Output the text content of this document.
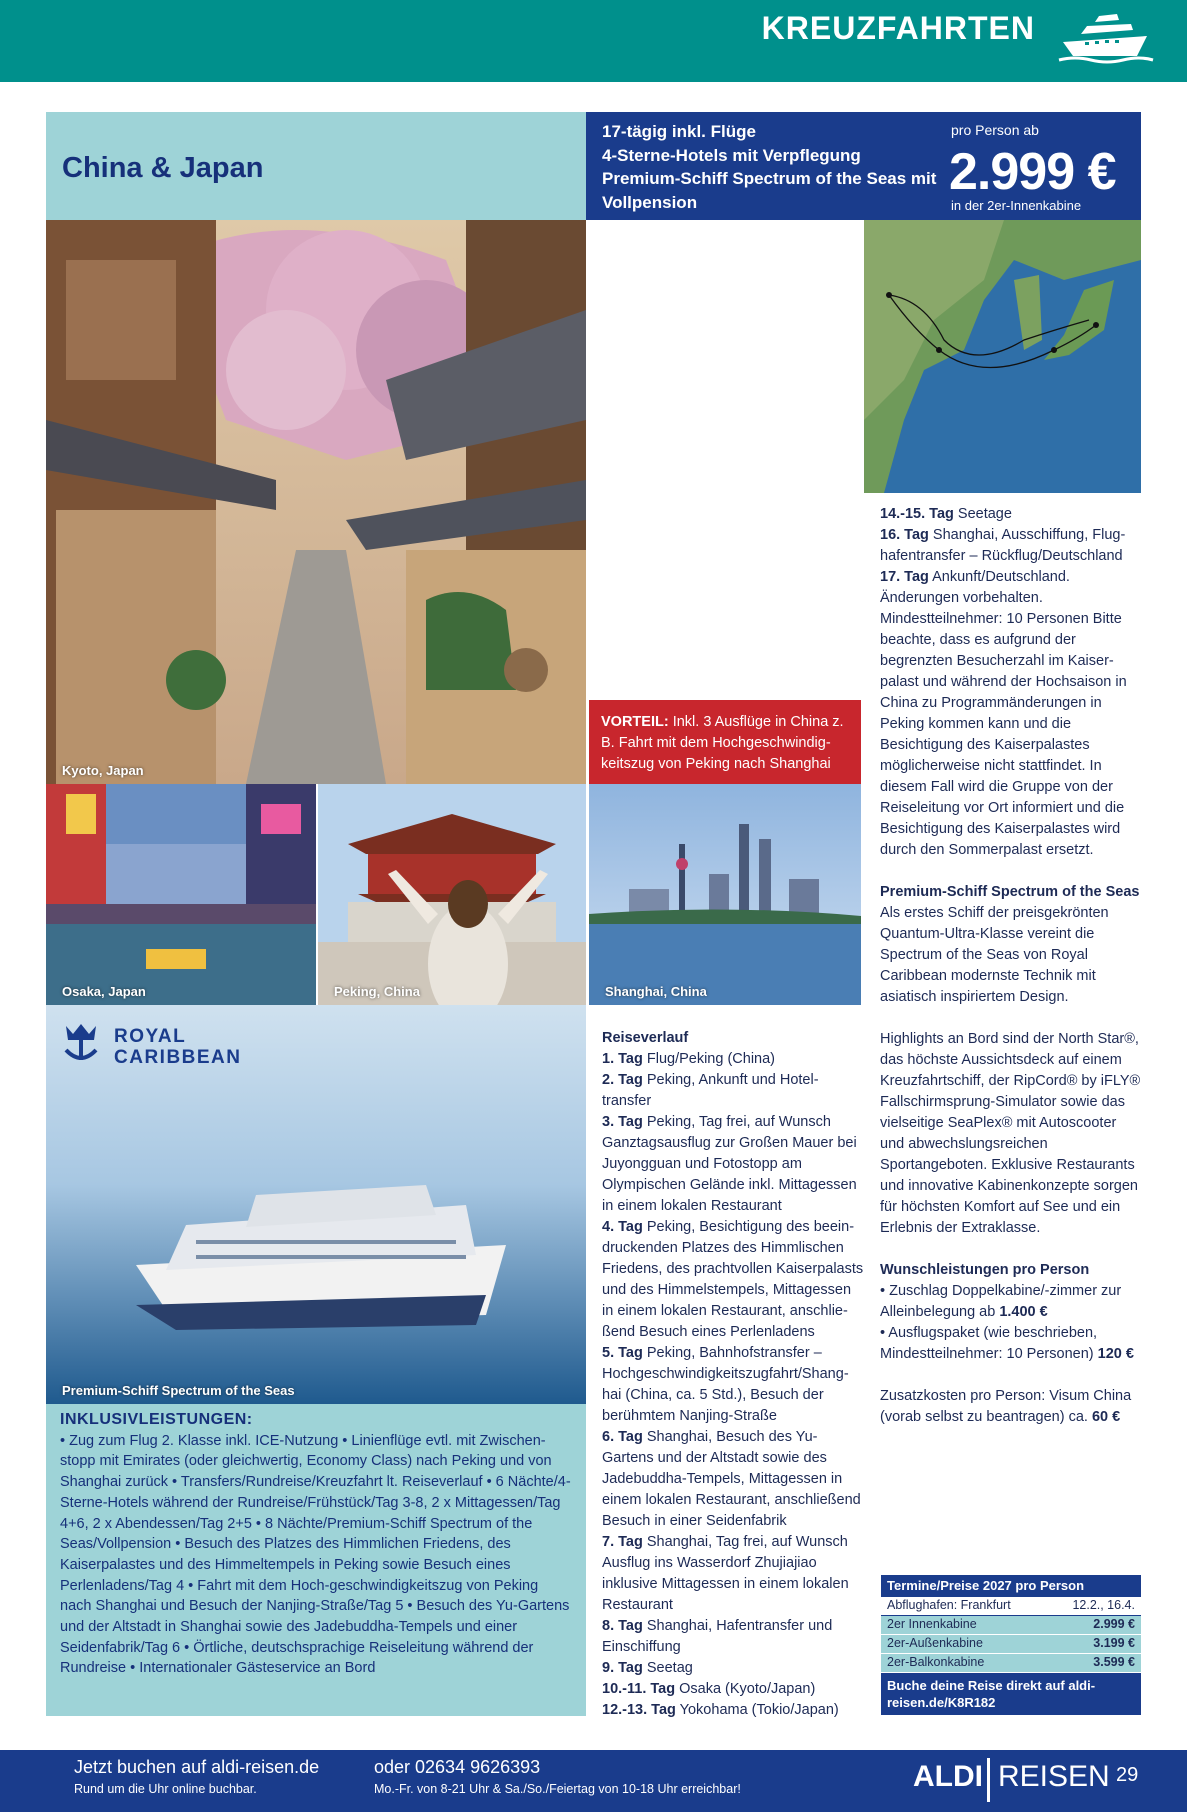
KREUZFAHRTEN
China & Japan
17-tägig inkl. Flüge
4-Sterne-Hotels mit Verpflegung
Premium-Schiff Spectrum of the Seas mit
Vollpension
pro Person ab
2.999 €
in der 2er-Innenkabine
Kyoto, Japan
VORTEIL: Inkl. 3 Ausflüge in China z. B. Fahrt mit dem Hochgeschwindig-keitszug von Peking nach Shanghai
Osaka, Japan	Peking, China	Shanghai, China
Premium-Schiff Spectrum of the Seas
ROYAL
CARIBBEAN
INKLUSIVLEISTUNGEN:
• Zug zum Flug 2. Klasse inkl. ICE-Nutzung • Linienflüge evtl. mit Zwischen-stopp mit Emirates (oder gleichwertig, Economy Class) nach Peking und von Shanghai zurück • Transfers/Rundreise/Kreuzfahrt lt. Reiseverlauf • 6 Nächte/4-Sterne-Hotels während der Rundreise/Frühstück/Tag 3-8, 2 x Mittagessen/Tag 4+6, 2 x Abendessen/Tag 2+5 • 8 Nächte/Premium-Schiff Spectrum of the Seas/Vollpension • Besuch des Platzes des Himmlichen Friedens, des Kaiserpalastes und des Himmeltempels in Peking sowie Besuch eines Perlenladens/Tag 4 • Fahrt mit dem Hoch-geschwindigkeitszug von Peking nach Shanghai und Besuch der Nanjing-Straße/Tag 5 • Besuch des Yu-Gartens und der Altstadt in Shanghai sowie des Jadebuddha-Tempels und einer Seidenfabrik/Tag 6 • Örtliche, deutschsprachige Reiseleitung während der Rundreise • Internationaler Gästeservice an Bord
Reiseverlauf
1. Tag Flug/Peking (China)
2. Tag Peking, Ankunft und Hotel-transfer
3. Tag Peking, Tag frei, auf Wunsch Ganztagsausflug zur Großen Mauer bei Juyongguan und Fotostopp am Olympischen Gelände inkl. Mittagessen in einem lokalen Restaurant
4. Tag Peking, Besichtigung des beein-druckenden Platzes des Himmlischen Friedens, des prachtvollen Kaiserpalasts und des Himmelstempels, Mittagessen in einem lokalen Restaurant, anschlie-ßend Besuch eines Perlenladens
5. Tag Peking, Bahnhofstransfer – Hochgeschwindigkeitszugfahrt/Shang-hai (China, ca. 5 Std.), Besuch der berühmtem Nanjing-Straße
6. Tag Shanghai, Besuch des Yu-Gartens und der Altstadt sowie des Jadebuddha-Tempels, Mittagessen in einem lokalen Restaurant, anschließend Besuch in einer Seidenfabrik
7. Tag Shanghai, Tag frei, auf Wunsch Ausflug ins Wasserdorf Zhujiajiao inklusive Mittagessen in einem lokalen Restaurant
8. Tag Shanghai, Hafentransfer und Einschiffung
9. Tag Seetag
10.-11. Tag Osaka (Kyoto/Japan)
12.-13. Tag Yokohama (Tokio/Japan)
14.-15. Tag Seetage
16. Tag Shanghai, Ausschiffung, Flug-hafentransfer – Rückflug/Deutschland
17. Tag Ankunft/Deutschland.
Änderungen vorbehalten. Mindestteilnehmer: 10 Personen Bitte beachte, dass es aufgrund der begrenzten Besucherzahl im Kaiser-palast und während der Hochsaison in China zu Programmänderungen in Peking kommen kann und die Besichtigung des Kaiserpalastes möglicherweise nicht stattfindet. In diesem Fall wird die Gruppe von der Reiseleitung vor Ort informiert und die Besichtigung des Kaiserpalastes wird durch den Sommerpalast ersetzt.
Premium-Schiff Spectrum of the Seas
Als erstes Schiff der preisgekrönten Quantum-Ultra-Klasse vereint die Spectrum of the Seas von Royal Caribbean modernste Technik mit asiatisch inspiriertem Design.
Highlights an Bord sind der North Star®, das höchste Aussichtsdeck auf einem Kreuzfahrtschiff, der RipCord® by iFLY® Fallschirmsprung-Simulator sowie das vielseitige SeaPlex® mit Autoscooter und abwechslungsreichen Sportangeboten. Exklusive Restaurants und innovative Kabinenkonzepte sorgen für höchsten Komfort auf See und ein Erlebnis der Extraklasse.
Wunschleistungen pro Person
• Zuschlag Doppelkabine/-zimmer zur Alleinbelegung ab 1.400 €
• Ausflugspaket (wie beschrieben, Mindestteilnehmer: 10 Personen) 120 €
Zusatzkosten pro Person: Visum China (vorab selbst zu beantragen) ca. 60 €
Termine/Preise 2027 pro Person
Abflughafen: Frankfurt	12.2., 16.4.
2er Innenkabine	2.999 €
2er-Außenkabine	3.199 €
2er-Balkonkabine	3.599 €
Buche deine Reise direkt auf aldi-reisen.de/K8R182
Jetzt buchen auf aldi-reisen.de
Rund um die Uhr online buchbar.
oder 02634 9626393
Mo.-Fr. von 8-21 Uhr & Sa./So./Feiertag von 10-18 Uhr erreichbar!	ALDI REISEN 29
